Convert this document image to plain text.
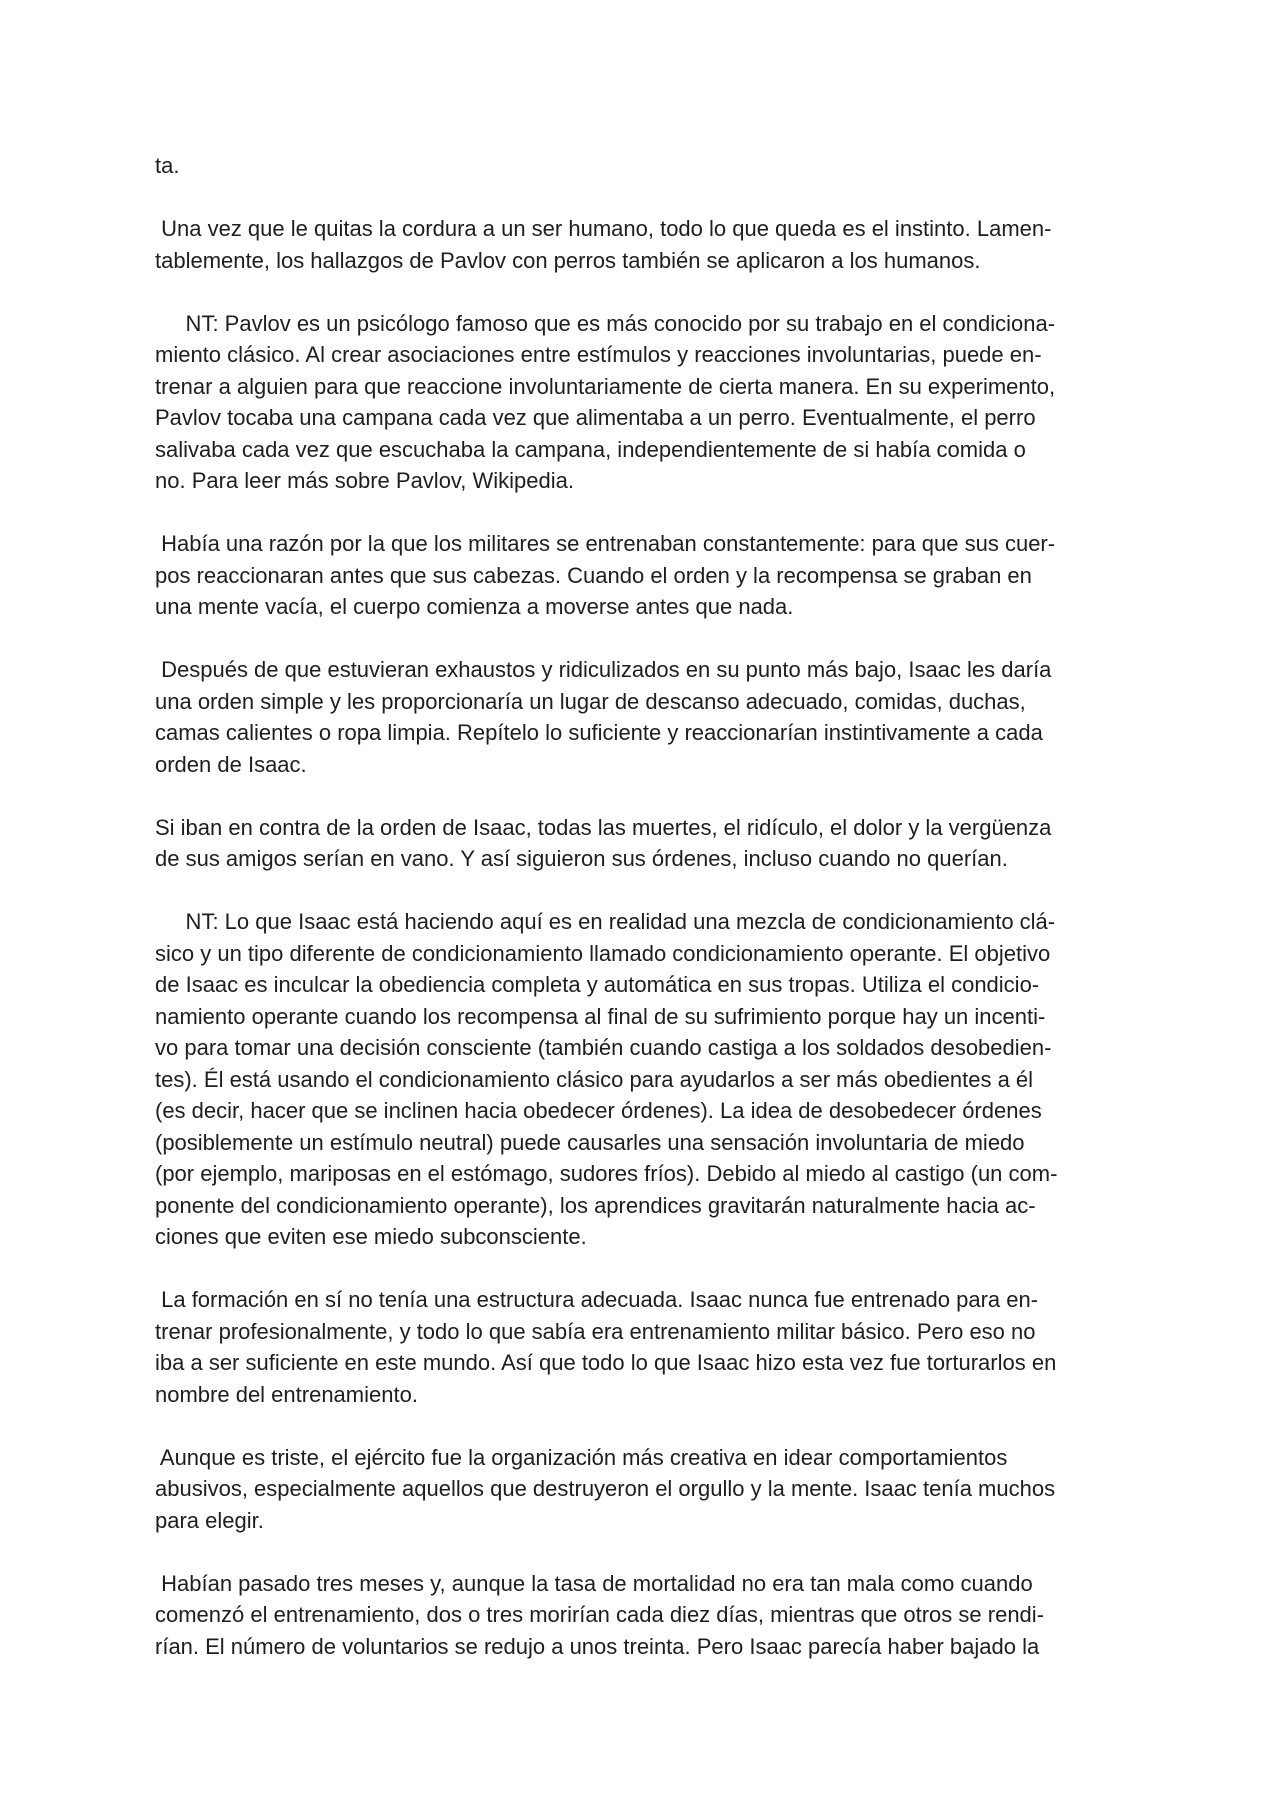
ta.
Una vez que le quitas la cordura a un ser humano, todo lo que queda es el instinto. Lamen-
tablemente, los hallazgos de Pavlov con perros también se aplicaron a los humanos.
NT: Pavlov es un psicólogo famoso que es más conocido por su trabajo en el condiciona-
miento clásico. Al crear asociaciones entre estímulos y reacciones involuntarias, puede en-
trenar a alguien para que reaccione involuntariamente de cierta manera. En su experimento,
Pavlov tocaba una campana cada vez que alimentaba a un perro. Eventualmente, el perro
salivaba cada vez que escuchaba la campana, independientemente de si había comida o
no. Para leer más sobre Pavlov, Wikipedia.
Había una razón por la que los militares se entrenaban constantemente: para que sus cuer-
pos reaccionaran antes que sus cabezas. Cuando el orden y la recompensa se graban en
una mente vacía, el cuerpo comienza a moverse antes que nada.
Después de que estuvieran exhaustos y ridiculizados en su punto más bajo, Isaac les daría
una orden simple y les proporcionaría un lugar de descanso adecuado, comidas, duchas,
camas calientes o ropa limpia. Repítelo lo suficiente y reaccionarían instintivamente a cada
orden de Isaac.
Si iban en contra de la orden de Isaac, todas las muertes, el ridículo, el dolor y la vergüenza
de sus amigos serían en vano. Y así siguieron sus órdenes, incluso cuando no querían.
NT: Lo que Isaac está haciendo aquí es en realidad una mezcla de condicionamiento clá-
sico y un tipo diferente de condicionamiento llamado condicionamiento operante. El objetivo
de Isaac es inculcar la obediencia completa y automática en sus tropas. Utiliza el condicio-
namiento operante cuando los recompensa al final de su sufrimiento porque hay un incenti-
vo para tomar una decisión consciente (también cuando castiga a los soldados desobedien-
tes). Él está usando el condicionamiento clásico para ayudarlos a ser más obedientes a él
(es decir, hacer que se inclinen hacia obedecer órdenes). La idea de desobedecer órdenes
(posiblemente un estímulo neutral) puede causarles una sensación involuntaria de miedo
(por ejemplo, mariposas en el estómago, sudores fríos). Debido al miedo al castigo (un com-
ponente del condicionamiento operante), los aprendices gravitarán naturalmente hacia ac-
ciones que eviten ese miedo subconsciente.
La formación en sí no tenía una estructura adecuada. Isaac nunca fue entrenado para en-
trenar profesionalmente, y todo lo que sabía era entrenamiento militar básico. Pero eso no
iba a ser suficiente en este mundo. Así que todo lo que Isaac hizo esta vez fue torturarlos en
nombre del entrenamiento.
Aunque es triste, el ejército fue la organización más creativa en idear comportamientos
abusivos, especialmente aquellos que destruyeron el orgullo y la mente. Isaac tenía muchos
para elegir.
Habían pasado tres meses y, aunque la tasa de mortalidad no era tan mala como cuando
comenzó el entrenamiento, dos o tres morirían cada diez días, mientras que otros se rendi-
rían. El número de voluntarios se redujo a unos treinta. Pero Isaac parecía haber bajado la
